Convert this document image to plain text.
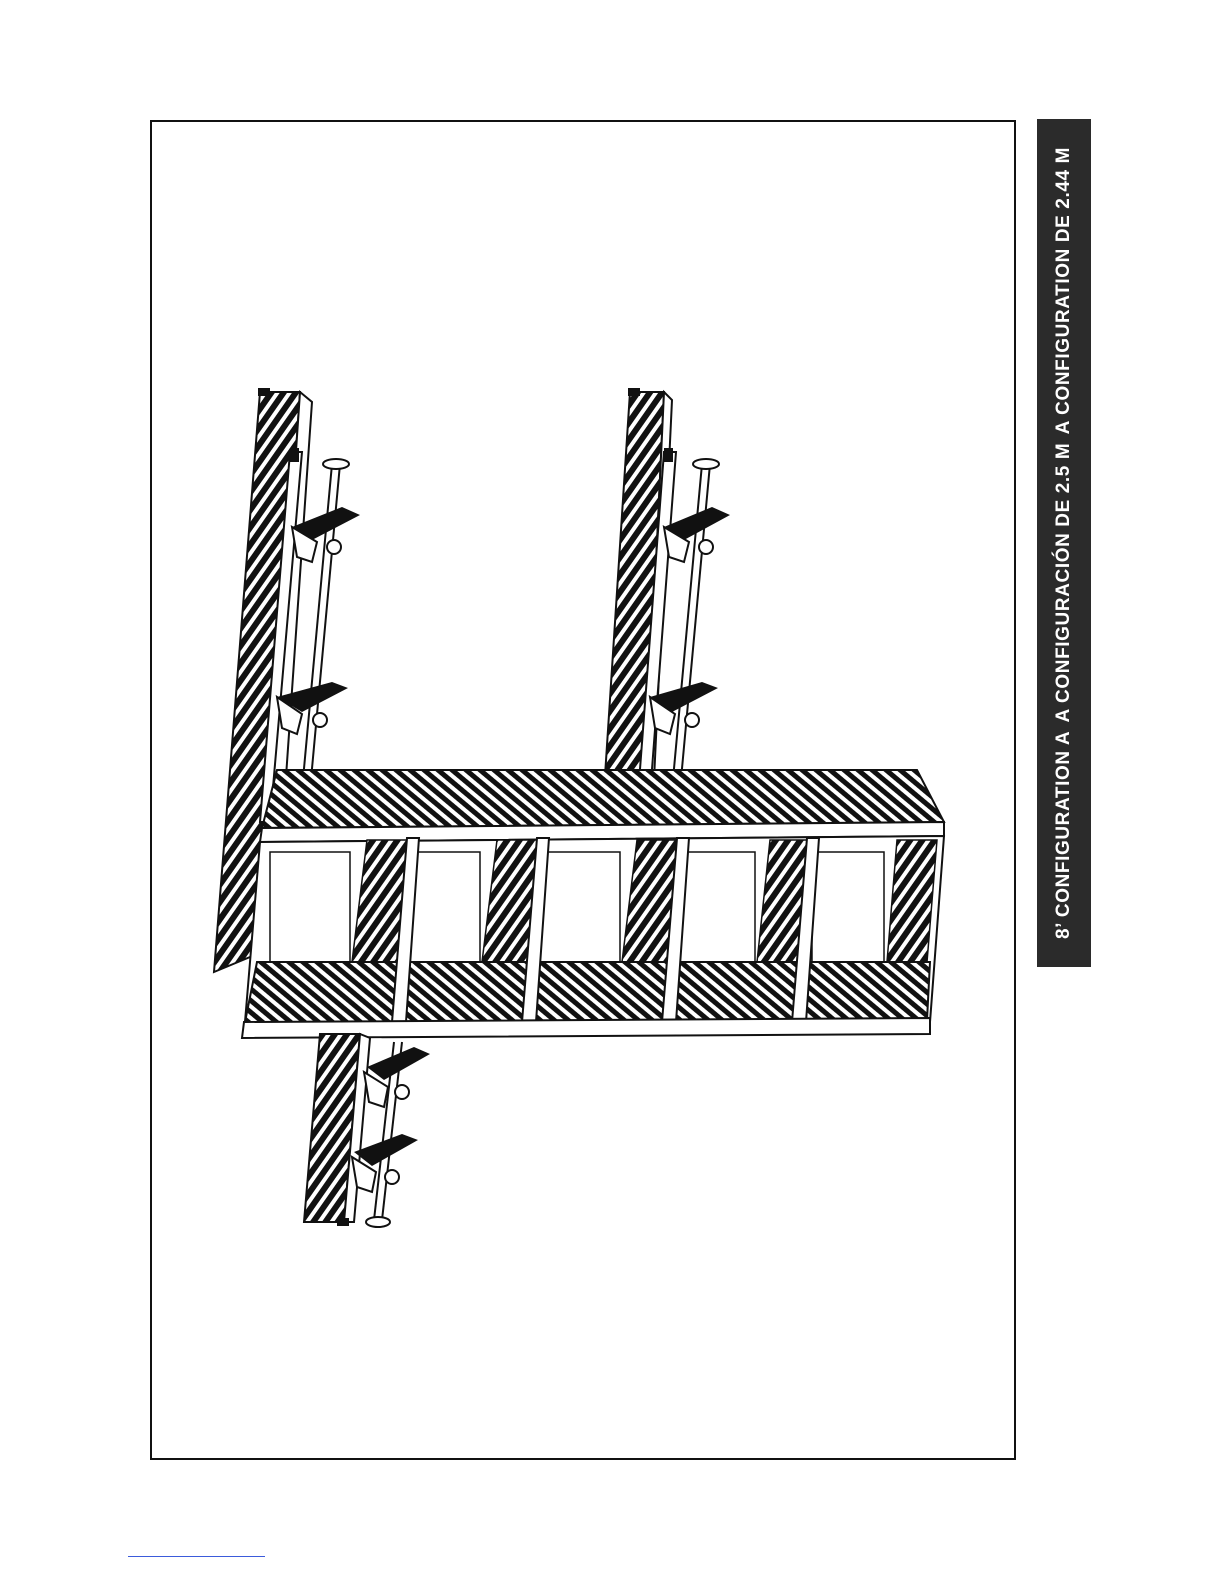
8’ CONFIGURATION A
A CONFIGURACIÓN DE 2.5 M
A CONFIGURATION DE 2.44 M
